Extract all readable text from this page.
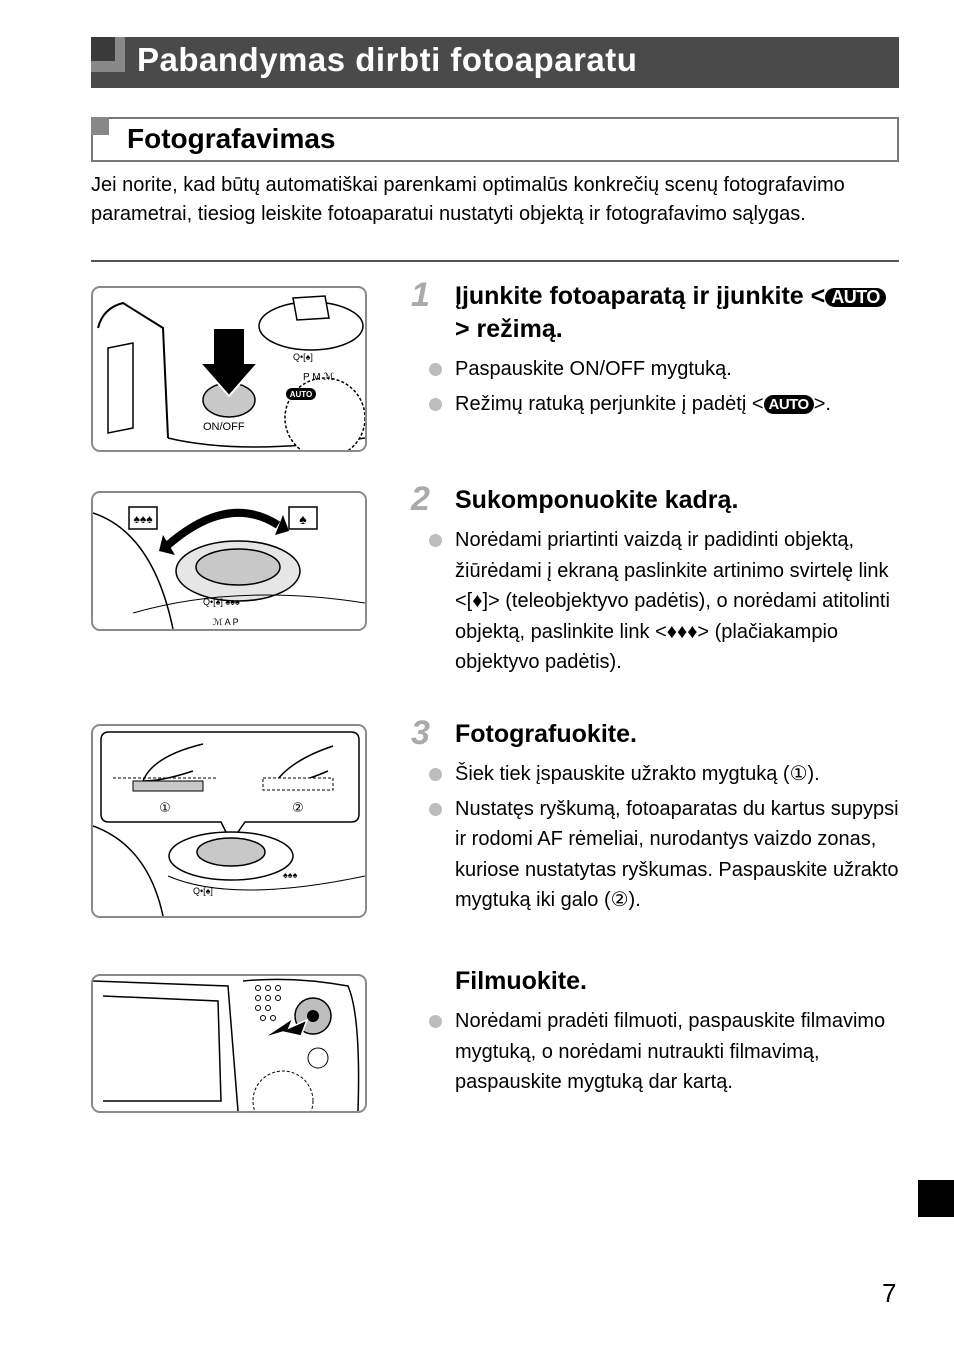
Pabandymas dirbti fotoaparatu
Fotografavimas

Jei norite, kad būtų automatiškai parenkami optimalūs konkrečių scenų fotografavimo parametrai, tiesiog leiskite fotoaparatui nustatyti objektą ir fotografavimo sąlygas.

Q•[♠]
AUTO
P M ℳ
ON/OFF
♠♠♠	♠
Q•[♠] ♠♠♠
ℳ A P
①	②
Q•[♠]
♠♠♠
1	Įjunkite fotoaparatą ir įjunkite < AUTO> režimą.
Paspauskite ON/OFF mygtuką.
Režimų ratuką perjunkite į padėtį < AUTO >.
2	Sukomponuokite kadrą.
Norėdami priartinti vaizdą ir padidinti objektą, žiūrėdami į ekraną paslinkite artinimo svirtelę link <[♦]> (teleobjektyvo padėtis), o norėdami atitolinti objektą, paslinkite link <♦♦♦> (plačiakampio objektyvo padėtis).
3	Fotografuokite.
Šiek tiek įspauskite užrakto mygtuką (①).
Nustatęs ryškumą, fotoaparatas du kartus supypsi ir rodomi AF rėmeliai, nurodantys vaizdo zonas, kuriose nustatytas ryškumas. Paspauskite užrakto mygtuką iki galo (②).
Filmuokite.
Norėdami pradėti filmuoti, paspauskite filmavimo mygtuką, o norėdami nutraukti filmavimą, paspauskite mygtuką dar kartą.
7
